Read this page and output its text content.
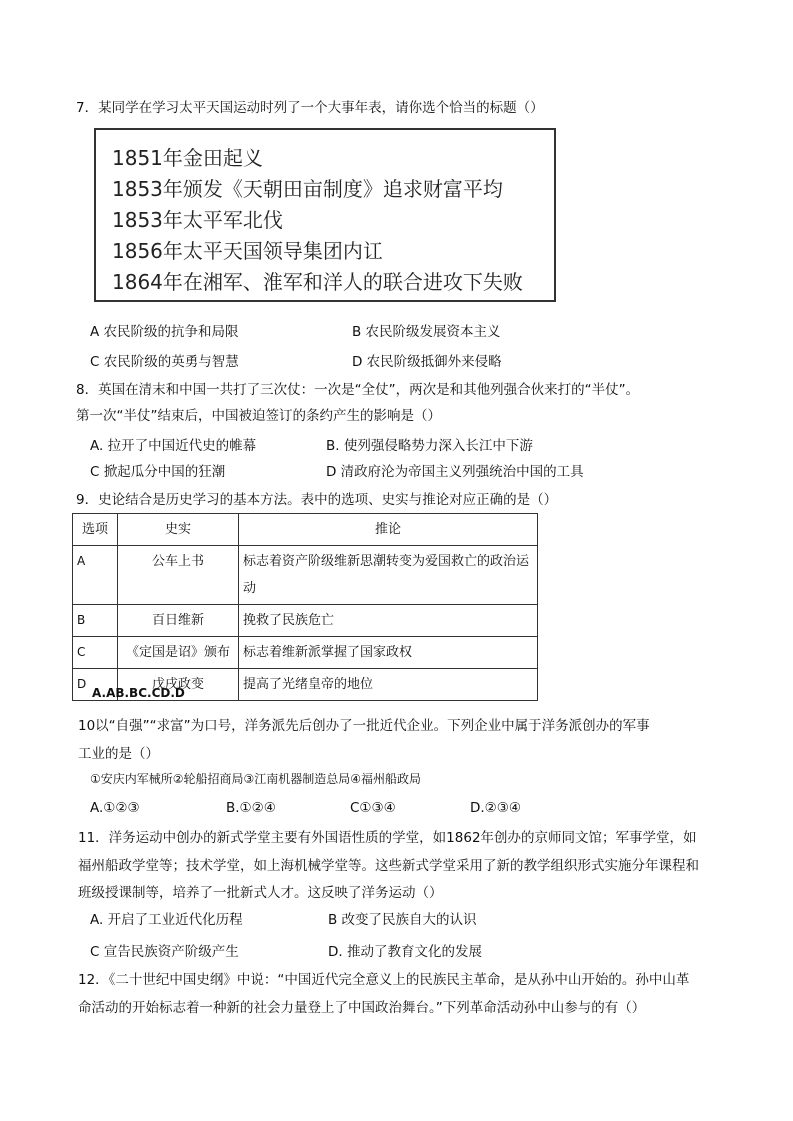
7．某同学在学习太平天国运动时列了一个大事年表，请你选个恰当的标题（）
1851年金田起义
1853年颁发《天朝田亩制度》追求财富平均
1853年太平军北伐
1856年太平天国领导集团内讧
1864年在湘军、淮军和洋人的联合进攻下失败
A 农民阶级的抗争和局限	B 农民阶级发展资本主义
C 农民阶级的英勇与智慧	D 农民阶级抵御外来侵略
8．英国在清末和中国一共打了三次仗：一次是“全仗”，两次是和其他列强合伙来打的“半仗”。
第一次“半仗”结束后，中国被迫签订的条约产生的影响是（）
A. 拉开了中国近代史的帷幕	B. 使列强侵略势力深入长江中下游
C 掀起瓜分中国的狂潮	D 清政府沦为帝国主义列强统治中国的工具
9．史论结合是历史学习的基本方法。表中的选项、史实与推论对应正确的是（）
选项	史实	推论
A	公车上书	标志着资产阶级维新思潮转变为爱国救亡的政治运动
B	百日维新	挽救了民族危亡
C	《定国是诏》颁布	标志着维新派掌握了国家政权
D	戊戌政变	提高了光绪皇帝的地位
A.AB.BC.CD.D
10以“自强”“求富”为口号，洋务派先后创办了一批近代企业。下列企业中属于洋务派创办的军事
工业的是（）
①安庆内军械所②轮船招商局③江南机器制造总局④福州船政局
A.①②③	B.①②④	C①③④	D.②③④
11．洋务运动中创办的新式学堂主要有外国语性质的学堂，如1862年创办的京师同文馆；军事学堂，如
福州船政学堂等；技术学堂，如上海机械学堂等。这些新式学堂采用了新的教学组织形式实施分年课程和
班级授课制等，培养了一批新式人才。这反映了洋务运动（）
A. 开启了工业近代化历程	B 改变了民族自大的认识
C 宣告民族资产阶级产生	D. 推动了教育文化的发展
12．《二十世纪中国史纲》中说：“中国近代完全意义上的民族民主革命，是从孙中山开始的。孙中山革
命活动的开始标志着一种新的社会力量登上了中国政治舞台。”下列革命活动孙中山参与的有（）
